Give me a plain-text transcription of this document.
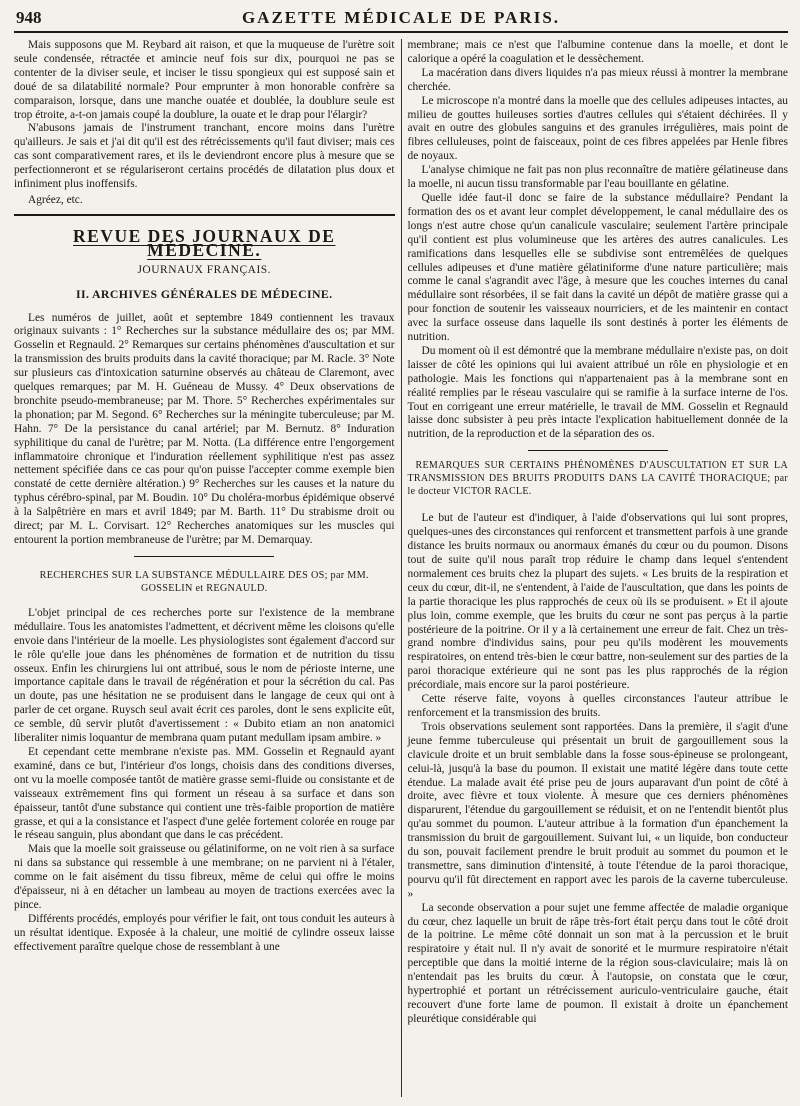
948	GAZETTE MÉDICALE DE PARIS.

Mais supposons que M. Reybard ait raison, et que la muqueuse de l'urètre soit seule condensée, rétractée et amincie neuf fois sur dix, pourquoi ne pas se contenter de la diviser seule, et inciser le tissu spongieux qui est supposé sain et doué de sa dilatabilité normale? Pour emprunter à mon honorable confrère sa comparaison, lorsque, dans une manche ouatée et doublée, la doublure seule est trop étroite, a-t-on jamais coupé la doublure, la ouate et le drap pour l'élargir?

N'abusons jamais de l'instrument tranchant, encore moins dans l'urètre qu'ailleurs. Je sais et j'ai dit qu'il est des rétrécissements qu'il faut diviser; mais ces cas sont comparativement rares, et ils le deviendront encore plus à mesure que se perfectionneront et se régulariseront certains procédés de dilatation plus doux et infiniment plus inoffensifs.

Agréez, etc.

REVUE DES JOURNAUX DE MÉDECINE.
JOURNAUX FRANÇAIS.
II. ARCHIVES GÉNÉRALES DE MÉDECINE.

Les numéros de juillet, août et septembre 1849 contiennent les travaux originaux suivants : 1° Recherches sur la substance médullaire des os; par MM. Gosselin et Regnauld. 2° Remarques sur certains phénomènes d'auscultation et sur la transmission des bruits produits dans la cavité thoracique; par M. Racle. 3° Note sur plusieurs cas d'intoxication saturnine observés au château de Claremont, avec quelques remarques; par M. H. Guéneau de Mussy. 4° Deux observations de bronchite pseudo-membraneuse; par M. Thore. 5° Recherches expérimentales sur la phonation; par M. Segond. 6° Recherches sur la méningite tuberculeuse; par M. Hahn. 7° De la persistance du canal artériel; par M. Bernutz. 8° Induration syphilitique du canal de l'urètre; par M. Notta. (La différence entre l'engorgement inflammatoire chronique et l'induration réellement syphilitique n'est pas assez nettement spécifiée dans ce cas pour qu'on puisse l'accepter comme exemple bien constaté de cette dernière altération.) 9° Recherches sur les causes et la nature du typhus cérébro-spinal, par M. Boudin. 10° Du choléra-morbus épidémique observé à la Salpêtrière en mars et avril 1849; par M. Barth. 11° Du strabisme droit ou direct; par M. L. Corvisart. 12° Recherches anatomiques sur les muscles qui entourent la portion membraneuse de l'urètre; par M. Demarquay.

RECHERCHES SUR LA SUBSTANCE MÉDULLAIRE DES OS; par MM. GOSSELIN et REGNAULD.

L'objet principal de ces recherches porte sur l'existence de la membrane médullaire. Tous les anatomistes l'admettent, et décrivent même les cloisons qu'elle envoie dans l'intérieur de la moelle. Les physiologistes sont également d'accord sur le rôle qu'elle joue dans les phénomènes de formation et de nutrition du tissu osseux. Enfin les chirurgiens lui ont attribué, sous le nom de périoste interne, une importance capitale dans le travail de régénération et pour la sécrétion du cal. Pas un doute, pas une hésitation ne se produisent dans le langage de ceux qui ont à parler de cet organe. Ruysch seul avait écrit ces paroles, dont le sens explicite eût, ce semble, dû servir plutôt d'avertissement : « Dubito etiam an non anatomici liberaliter nimis loquantur de membrana quam putant medullam ipsam ambire. »

Et cependant cette membrane n'existe pas. MM. Gosselin et Regnauld ayant examiné, dans ce but, l'intérieur d'os longs, choisis dans des conditions diverses, ont vu la moelle composée tantôt de matière grasse semi-fluide ou consistante et de vaisseaux extrêmement fins qui forment un réseau à sa surface et dans son épaisseur, tantôt d'une substance qui contient une très-faible proportion de matière grasse, et qui a la consistance et l'aspect d'une gelée fortement colorée en rouge par le réseau sanguin, plus abondant que dans le cas précédent.

Mais que la moelle soit graisseuse ou gélatiniforme, on ne voit rien à sa surface ni dans sa substance qui ressemble à une membrane; on ne parvient ni à l'étaler, comme on le fait aisément du tissu fibreux, même de celui qui offre le moins d'épaisseur, ni à en détacher un lambeau au moyen de tractions exercées avec la pince.

Différents procédés, employés pour vérifier le fait, ont tous conduit les auteurs à un résultat identique. Exposée à la chaleur, une moitié de cylindre osseux laisse effectivement paraître quelque chose de ressemblant à une

membrane; mais ce n'est que l'albumine contenue dans la moelle, et dont le calorique a opéré la coagulation et le dessèchement.

La macération dans divers liquides n'a pas mieux réussi à montrer la membrane cherchée.

Le microscope n'a montré dans la moelle que des cellules adipeuses intactes, au milieu de gouttes huileuses sorties d'autres cellules qui s'étaient déchirées. Il y avait en outre des globules sanguins et des granules irrégulières, mais point de fibres celluleuses, point de faisceaux, point de ces fibres appelées par Henle fibres de noyaux.

L'analyse chimique ne fait pas non plus reconnaître de matière gélatineuse dans la moelle, ni aucun tissu transformable par l'eau bouillante en gélatine.

Quelle idée faut-il donc se faire de la substance médullaire? Pendant la formation des os et avant leur complet développement, le canal médullaire des os longs n'est autre chose qu'un canalicule vasculaire; seulement l'artère principale qu'il contient est plus volumineuse que les artères des autres canalicules. Les ramifications dans lesquelles elle se subdivise sont entremêlées de quelques cellules adipeuses et d'une matière gélatiniforme d'une nature particulière; mais comme le canal s'agrandit avec l'âge, à mesure que les couches internes du canal médullaire sont résorbées, il se fait dans la cavité un dépôt de matière grasse qui a pour fonction de soutenir les vaisseaux nourriciers, et de les maintenir en contact avec la surface osseuse dans laquelle ils sont destinés à porter les éléments de nutrition.

Du moment où il est démontré que la membrane médullaire n'existe pas, on doit laisser de côté les opinions qui lui avaient attribué un rôle en physiologie et en pathologie. Mais les fonctions qui n'appartenaient pas à la membrane sont en réalité remplies par le réseau vasculaire qui se ramifie à la surface interne de l'os. Tout en corrigeant une erreur matérielle, le travail de MM. Gosselin et Regnauld laisse donc subsister à peu près intacte l'explication habituellement donnée de la nutrition, de la reproduction et de la séparation des os.

REMARQUES SUR CERTAINS PHÉNOMÈNES D'AUSCULTATION ET SUR LA TRANSMISSION DES BRUITS PRODUITS DANS LA CAVITÉ THORACIQUE; par le docteur VICTOR RACLE.

Le but de l'auteur est d'indiquer, à l'aide d'observations qui lui sont propres, quelques-unes des circonstances qui renforcent et transmettent parfois à une grande distance les bruits normaux ou anormaux émanés du cœur ou du poumon. Disons tout de suite qu'il nous paraît trop réduire le champ dans lequel s'entendent normalement ces bruits chez la plupart des sujets. « Les bruits de la respiration et ceux du cœur, dit-il, ne s'entendent, à l'aide de l'auscultation, que dans les points de la partie thoracique les plus rapprochés de ceux où ils se produisent. » Et il ajoute plus loin, comme exemple, que les bruits du cœur ne sont pas perçus à la partie postérieure de la poitrine. Or il y a là certainement une erreur de fait. Chez un très-grand nombre d'individus sains, pour peu qu'ils modèrent les mouvements respiratoires, on entend très-bien le cœur battre, non-seulement sur des parties de la paroi thoracique extérieure qui ne sont pas les plus rapprochés de la région précordiale, mais encore sur la paroi postérieure.

Cette réserve faite, voyons à quelles circonstances l'auteur attribue le renforcement et la transmission des bruits.

Trois observations seulement sont rapportées. Dans la première, il s'agit d'une jeune femme tuberculeuse qui présentait un bruit de gargouillement sous la clavicule droite et un bruit semblable dans la fosse sous-épineuse se prolongeant, celui-là, jusqu'à la base du poumon. Il existait une matité légère dans toute cette étendue. La malade avait été prise peu de jours auparavant d'un point de côté à droite, avec fièvre et toux violente. À mesure que ces derniers phénomènes disparurent, l'étendue du gargouillement se réduisit, et on ne l'entendit bientôt plus qu'au sommet du poumon. L'auteur attribue à la formation d'un épanchement la transmission du bruit de gargouillement. Suivant lui, « un liquide, bon conducteur du son, pouvait facilement prendre le bruit produit au sommet du poumon et le transmettre, sans diminution d'intensité, à toute l'étendue de la paroi thoracique, pourvu qu'il fût directement en rapport avec les parois de la caverne tuberculeuse. »

La seconde observation a pour sujet une femme affectée de maladie organique du cœur, chez laquelle un bruit de râpe très-fort était perçu dans tout le côté droit de la poitrine. Le même côté donnait un son mat à la percussion et le bruit respiratoire y était nul. Il n'y avait de sonorité et le murmure respiratoire n'était perceptible que dans la moitié interne de la région sous-claviculaire; mais là on n'entendait pas les bruits du cœur. À l'autopsie, on constata que le cœur, hypertrophié et portant un rétrécissement auriculo-ventriculaire gauche, était recouvert d'une forte lame de poumon. Il existait à droite un épanchement pleurétique considérable qui
